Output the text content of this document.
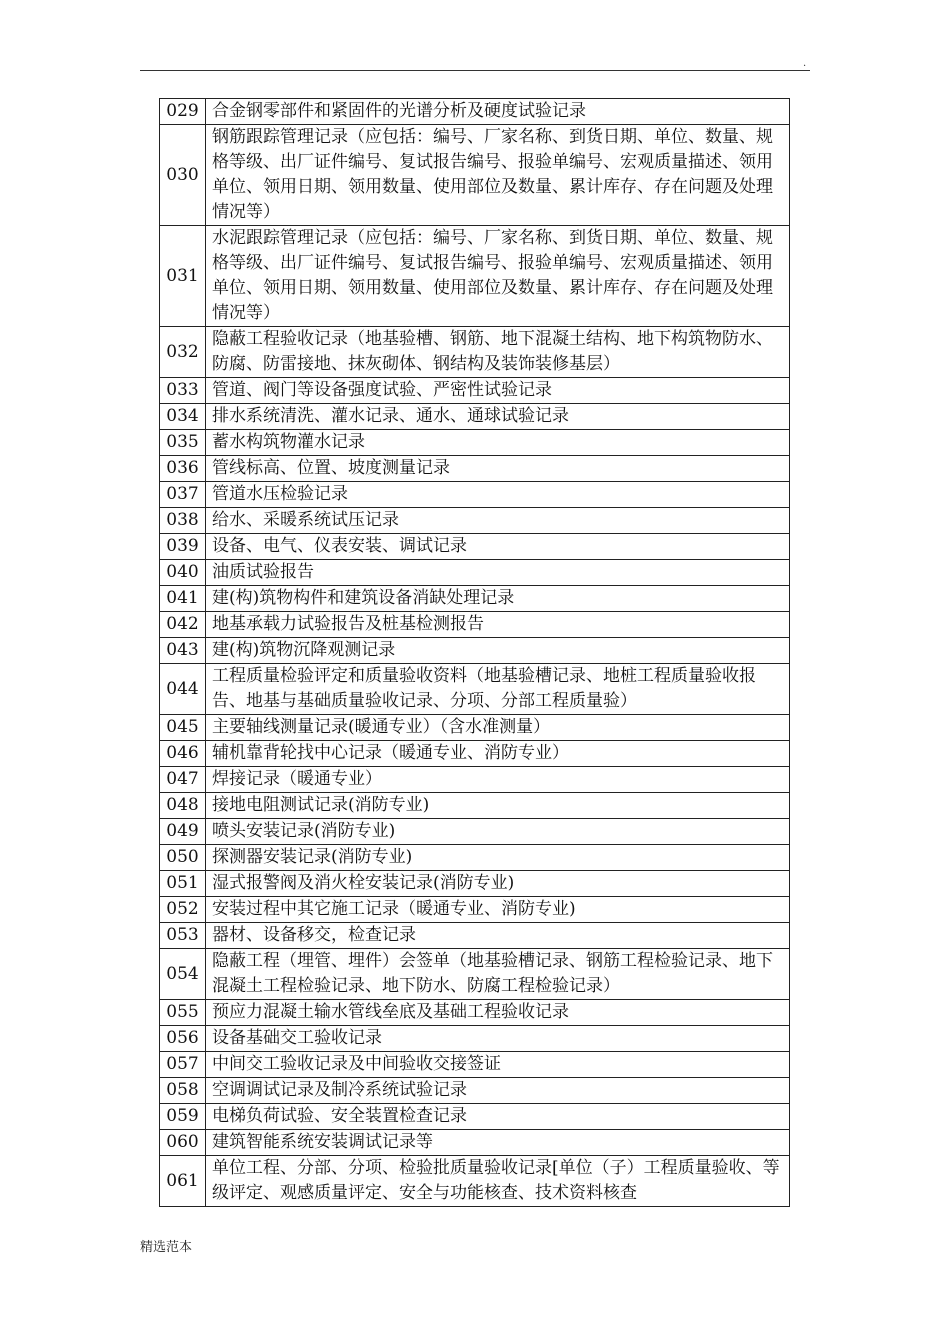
.
029	合金钢零部件和紧固件的光谱分析及硬度试验记录
030	钢筋跟踪管理记录（应包括：编号、厂家名称、到货日期、单位、数量、规格等级、出厂证件编号、复试报告编号、报验单编号、宏观质量描述、领用单位、领用日期、领用数量、使用部位及数量、累计库存、存在问题及处理情况等）
031	水泥跟踪管理记录（应包括：编号、厂家名称、到货日期、单位、数量、规格等级、出厂证件编号、复试报告编号、报验单编号、宏观质量描述、领用单位、领用日期、领用数量、使用部位及数量、累计库存、存在问题及处理情况等）
032	隐蔽工程验收记录（地基验槽、钢筋、地下混凝土结构、地下构筑物防水、防腐、防雷接地、抹灰砌体、钢结构及装饰装修基层）
033	管道、阀门等设备强度试验、严密性试验记录
034	排水系统清洗、灌水记录、通水、通球试验记录
035	蓄水构筑物灌水记录
036	管线标高、位置、坡度测量记录
037	管道水压检验记录
038	给水、采暖系统试压记录
039	设备、电气、仪表安装、调试记录
040	油质试验报告
041	建(构)筑物构件和建筑设备消缺处理记录
042	地基承载力试验报告及桩基检测报告
043	建(构)筑物沉降观测记录
044	工程质量检验评定和质量验收资料（地基验槽记录、地桩工程质量验收报告、地基与基础质量验收记录、分项、分部工程质量验）
045	主要轴线测量记录(暖通专业）（含水准测量）
046	辅机靠背轮找中心记录（暖通专业、消防专业）
047	焊接记录（暖通专业）
048	接地电阻测试记录(消防专业)
049	喷头安装记录(消防专业)
050	探测器安装记录(消防专业)
051	湿式报警阀及消火栓安装记录(消防专业)
052	安装过程中其它施工记录（暖通专业、消防专业)
053	器材、设备移交，检查记录
054	隐蔽工程（埋管、埋件）会签单（地基验槽记录、钢筋工程检验记录、地下混凝土工程检验记录、地下防水、防腐工程检验记录）
055	预应力混凝土输水管线垒底及基础工程验收记录
056	设备基础交工验收记录
057	中间交工验收记录及中间验收交接签证
058	空调调试记录及制冷系统试验记录
059	电梯负荷试验、安全装置检查记录
060	建筑智能系统安装调试记录等
061	单位工程、分部、分项、检验批质量验收记录[单位（子）工程质量验收、等级评定、观感质量评定、安全与功能核查、技术资料核查
精选范本
